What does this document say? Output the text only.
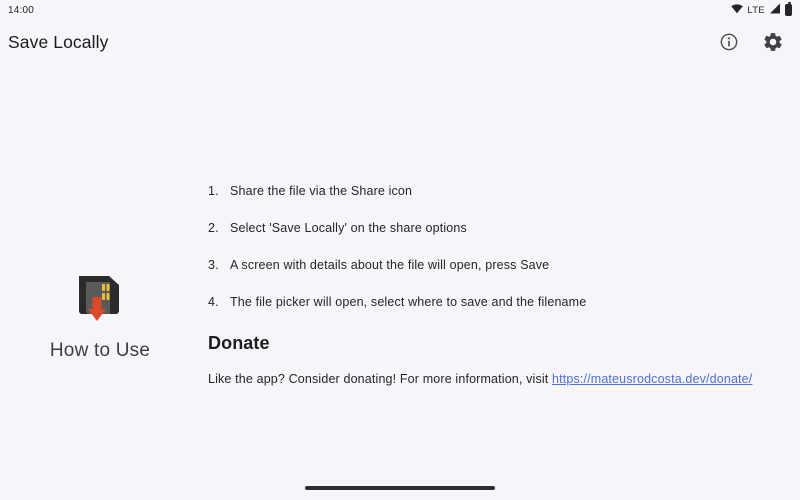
14:00	LTE
Save Locally
How to Use
1. Share the file via the Share icon
2. Select 'Save Locally' on the share options
3. A screen with details about the file will open, press Save
4. The file picker will open, select where to save and the filename
Donate
Like the app? Consider donating! For more information, visit https://mateusrodcosta.dev/donate/
